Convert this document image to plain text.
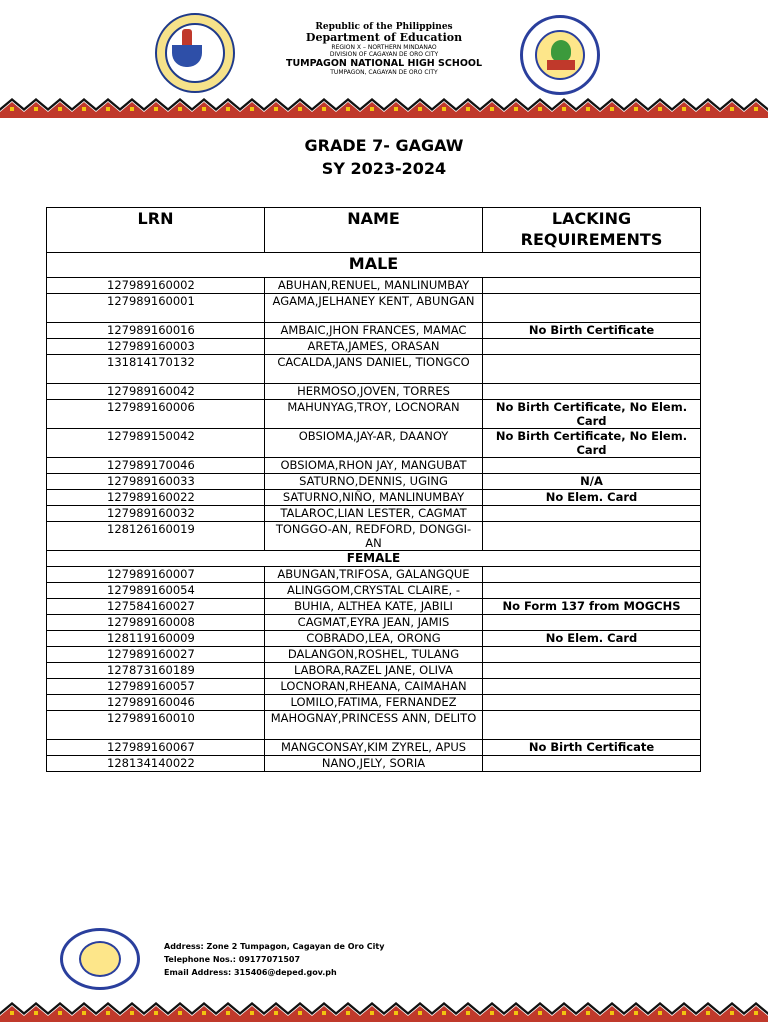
Republic of the Philippines
Department of Education
REGION X – NORTHERN MINDANAO
DIVISION OF CAGAYAN DE ORO CITY
TUMPAGON NATIONAL HIGH SCHOOL
TUMPAGON, CAGAYAN DE ORO CITY
GRADE 7- GAGAW
SY 2023-2024
LRN	NAME	LACKING REQUIREMENTS
MALE		
127989160002	ABUHAN,RENUEL, MANLINUMBAY	
127989160001	AGAMA,JELHANEY KENT, ABUNGAN	
127989160016	AMBAIC,JHON FRANCES, MAMAC	No Birth Certificate
127989160003	ARETA,JAMES, ORASAN	
131814170132	CACALDA,JANS DANIEL, TIONGCO	
127989160042	HERMOSO,JOVEN, TORRES	
127989160006	MAHUNYAG,TROY, LOCNORAN	No Birth Certificate, No Elem. Card
127989150042	OBSIOMA,JAY-AR, DAANOY	No Birth Certificate, No Elem. Card
127989170046	OBSIOMA,RHON JAY, MANGUBAT	
127989160033	SATURNO,DENNIS, UGING	N/A
127989160022	SATURNO,NIÑO, MANLINUMBAY	No Elem. Card
127989160032	TALAROC,LIAN LESTER, CAGMAT	
128126160019	TONGGO-AN, REDFORD, DONGGI-AN	
FEMALE		
127989160007	ABUNGAN,TRIFOSA, GALANGQUE	
127989160054	ALINGGOM,CRYSTAL CLAIRE, -	
127584160027	BUHIA, ALTHEA KATE, JABILI	No Form 137 from MOGCHS
127989160008	CAGMAT,EYRA JEAN, JAMIS	
128119160009	COBRADO,LEA, ORONG	No Elem. Card
127989160027	DALANGON,ROSHEL, TULANG	
127873160189	LABORA,RAZEL JANE, OLIVA	
127989160057	LOCNORAN,RHEANA, CAIMAHAN	
127989160046	LOMILO,FATIMA, FERNANDEZ	
127989160010	MAHOGNAY,PRINCESS ANN, DELITO	
127989160067	MANGCONSAY,KIM ZYREL, APUS	No Birth Certificate
128134140022	NANO,JELY, SORIA	
Address: Zone 2 Tumpagon, Cagayan de Oro City
Telephone Nos.: 09177071507
Email Address: 315406@deped.gov.ph
